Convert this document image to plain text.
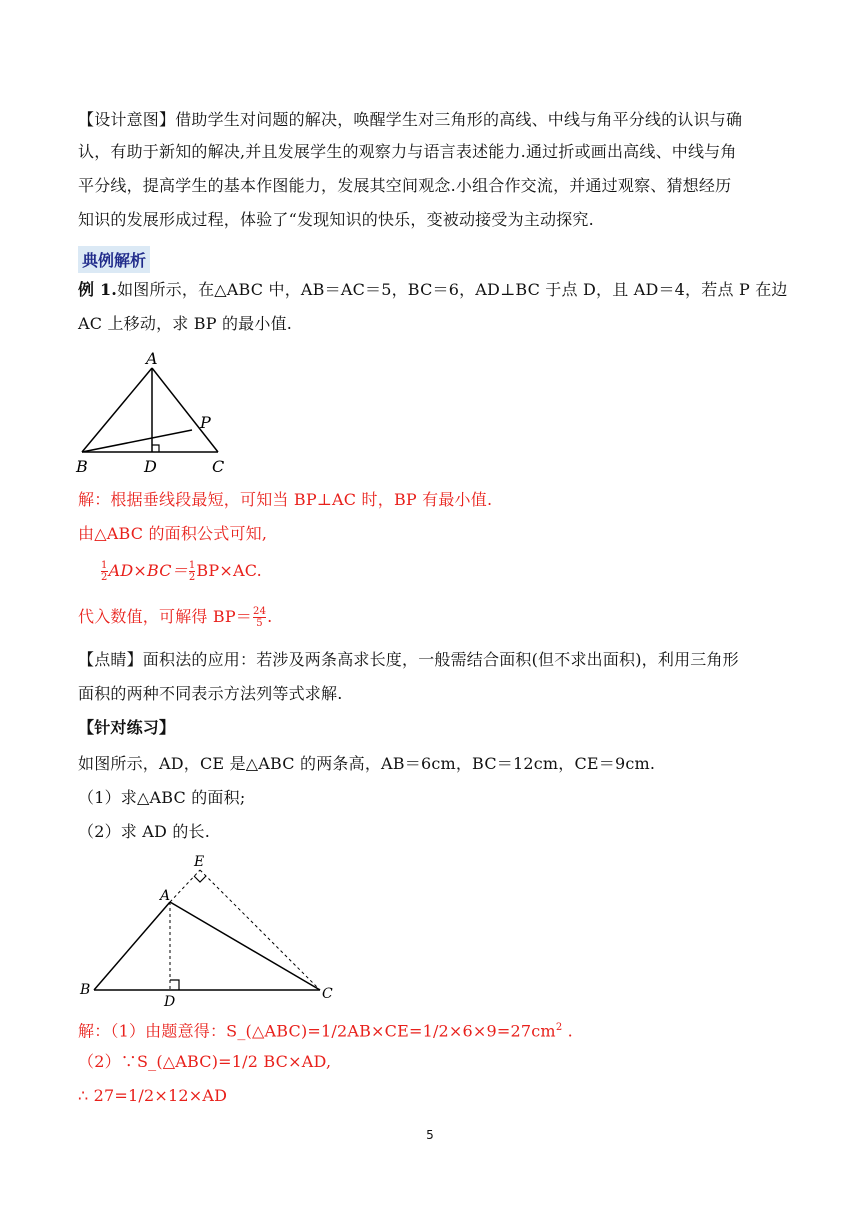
【设计意图】借助学生对问题的解决，唤醒学生对三角形的高线、中线与角平分线的认识与确
认，有助于新知的解决,并且发展学生的观察力与语言表述能力.通过折或画出高线、中线与角
平分线，提高学生的基本作图能力，发展其空间观念.小组合作交流，并通过观察、猜想经历
知识的发展形成过程，体验了“发现知识的快乐，变被动接受为主动探究.
典例解析
例 1.如图所示，在△ABC 中，AB＝AC＝5，BC＝6，AD⊥BC 于点 D，且 AD＝4，若点 P 在边
AC 上移动，求 BP 的最小值.
A
B	D	C
P
解：根据垂线段最短，可知当 BP⊥AC 时，BP 有最小值.
由△ABC 的面积公式可知,
$\frac{1}{2} AD\times BC= \frac{1}{2} BP\times AC$.
代入数值，可解得 $BP= \frac{24}{5}$ .
【点睛】面积法的应用：若涉及两条高求长度，一般需结合面积(但不求出面积)，利用三角形
面积的两种不同表示方法列等式求解.
【针对练习】
如图所示，AD，CE 是△ABC 的两条高，AB＝6cm，BC＝12cm，CE＝9cm.
（1）求△ABC 的面积;
（2）求 AD 的长.
A
B
D	C
E
解：（1）由题意得：$S\_(\triangle ABC)=1/2AB\times CE=1/2\times 6\times 9=27cm^2$ .
（2）∵S_(△ABC)=1/2 BC×AD,
∴ 27=1/2×12×AD
5
